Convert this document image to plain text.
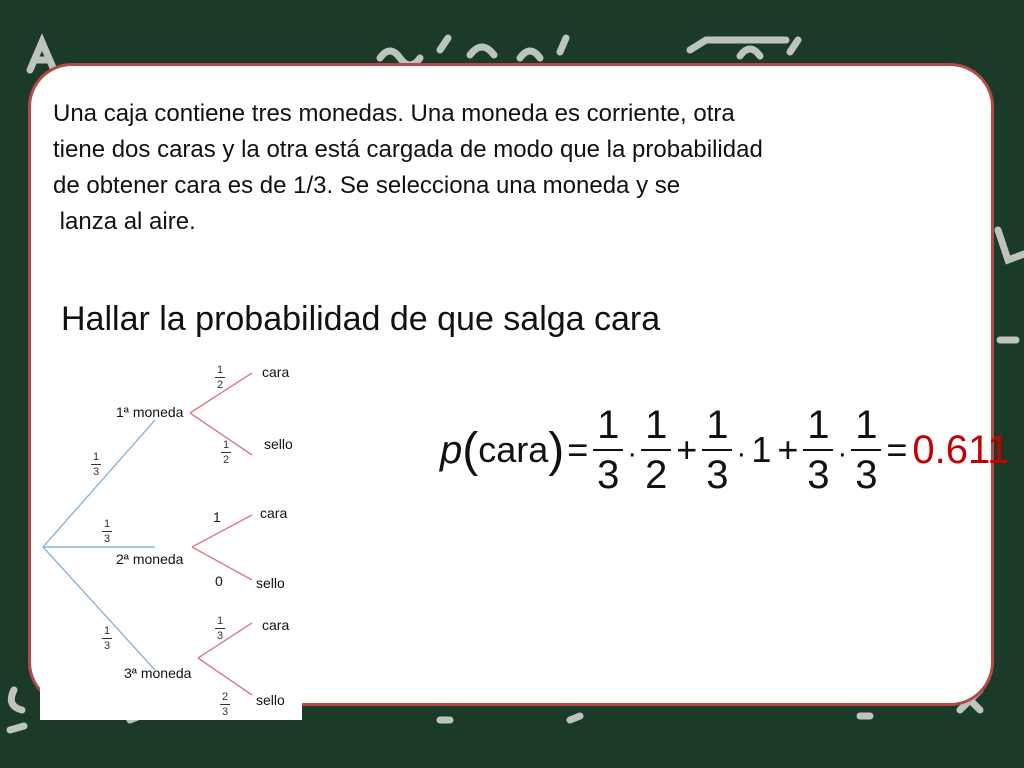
Una caja contiene tres monedas. Una moneda es corriente, otra
tiene dos caras y la otra está cargada de modo que la probabilidad
de obtener cara es de 1/3. Se selecciona una moneda y se
lanza al aire.

Hallar la probabilidad de que salga cara
1
3
1
3
1
3
1ª moneda
1
2
cara
1
2
sello
2ª moneda
1	cara
0 sello
3ª moneda
1
3
cara
2
3
sello
p ( cara ) =
1
3 ·
1
2
+
1
3 · 1 +
1
3 ·
1
3
= 0.611
